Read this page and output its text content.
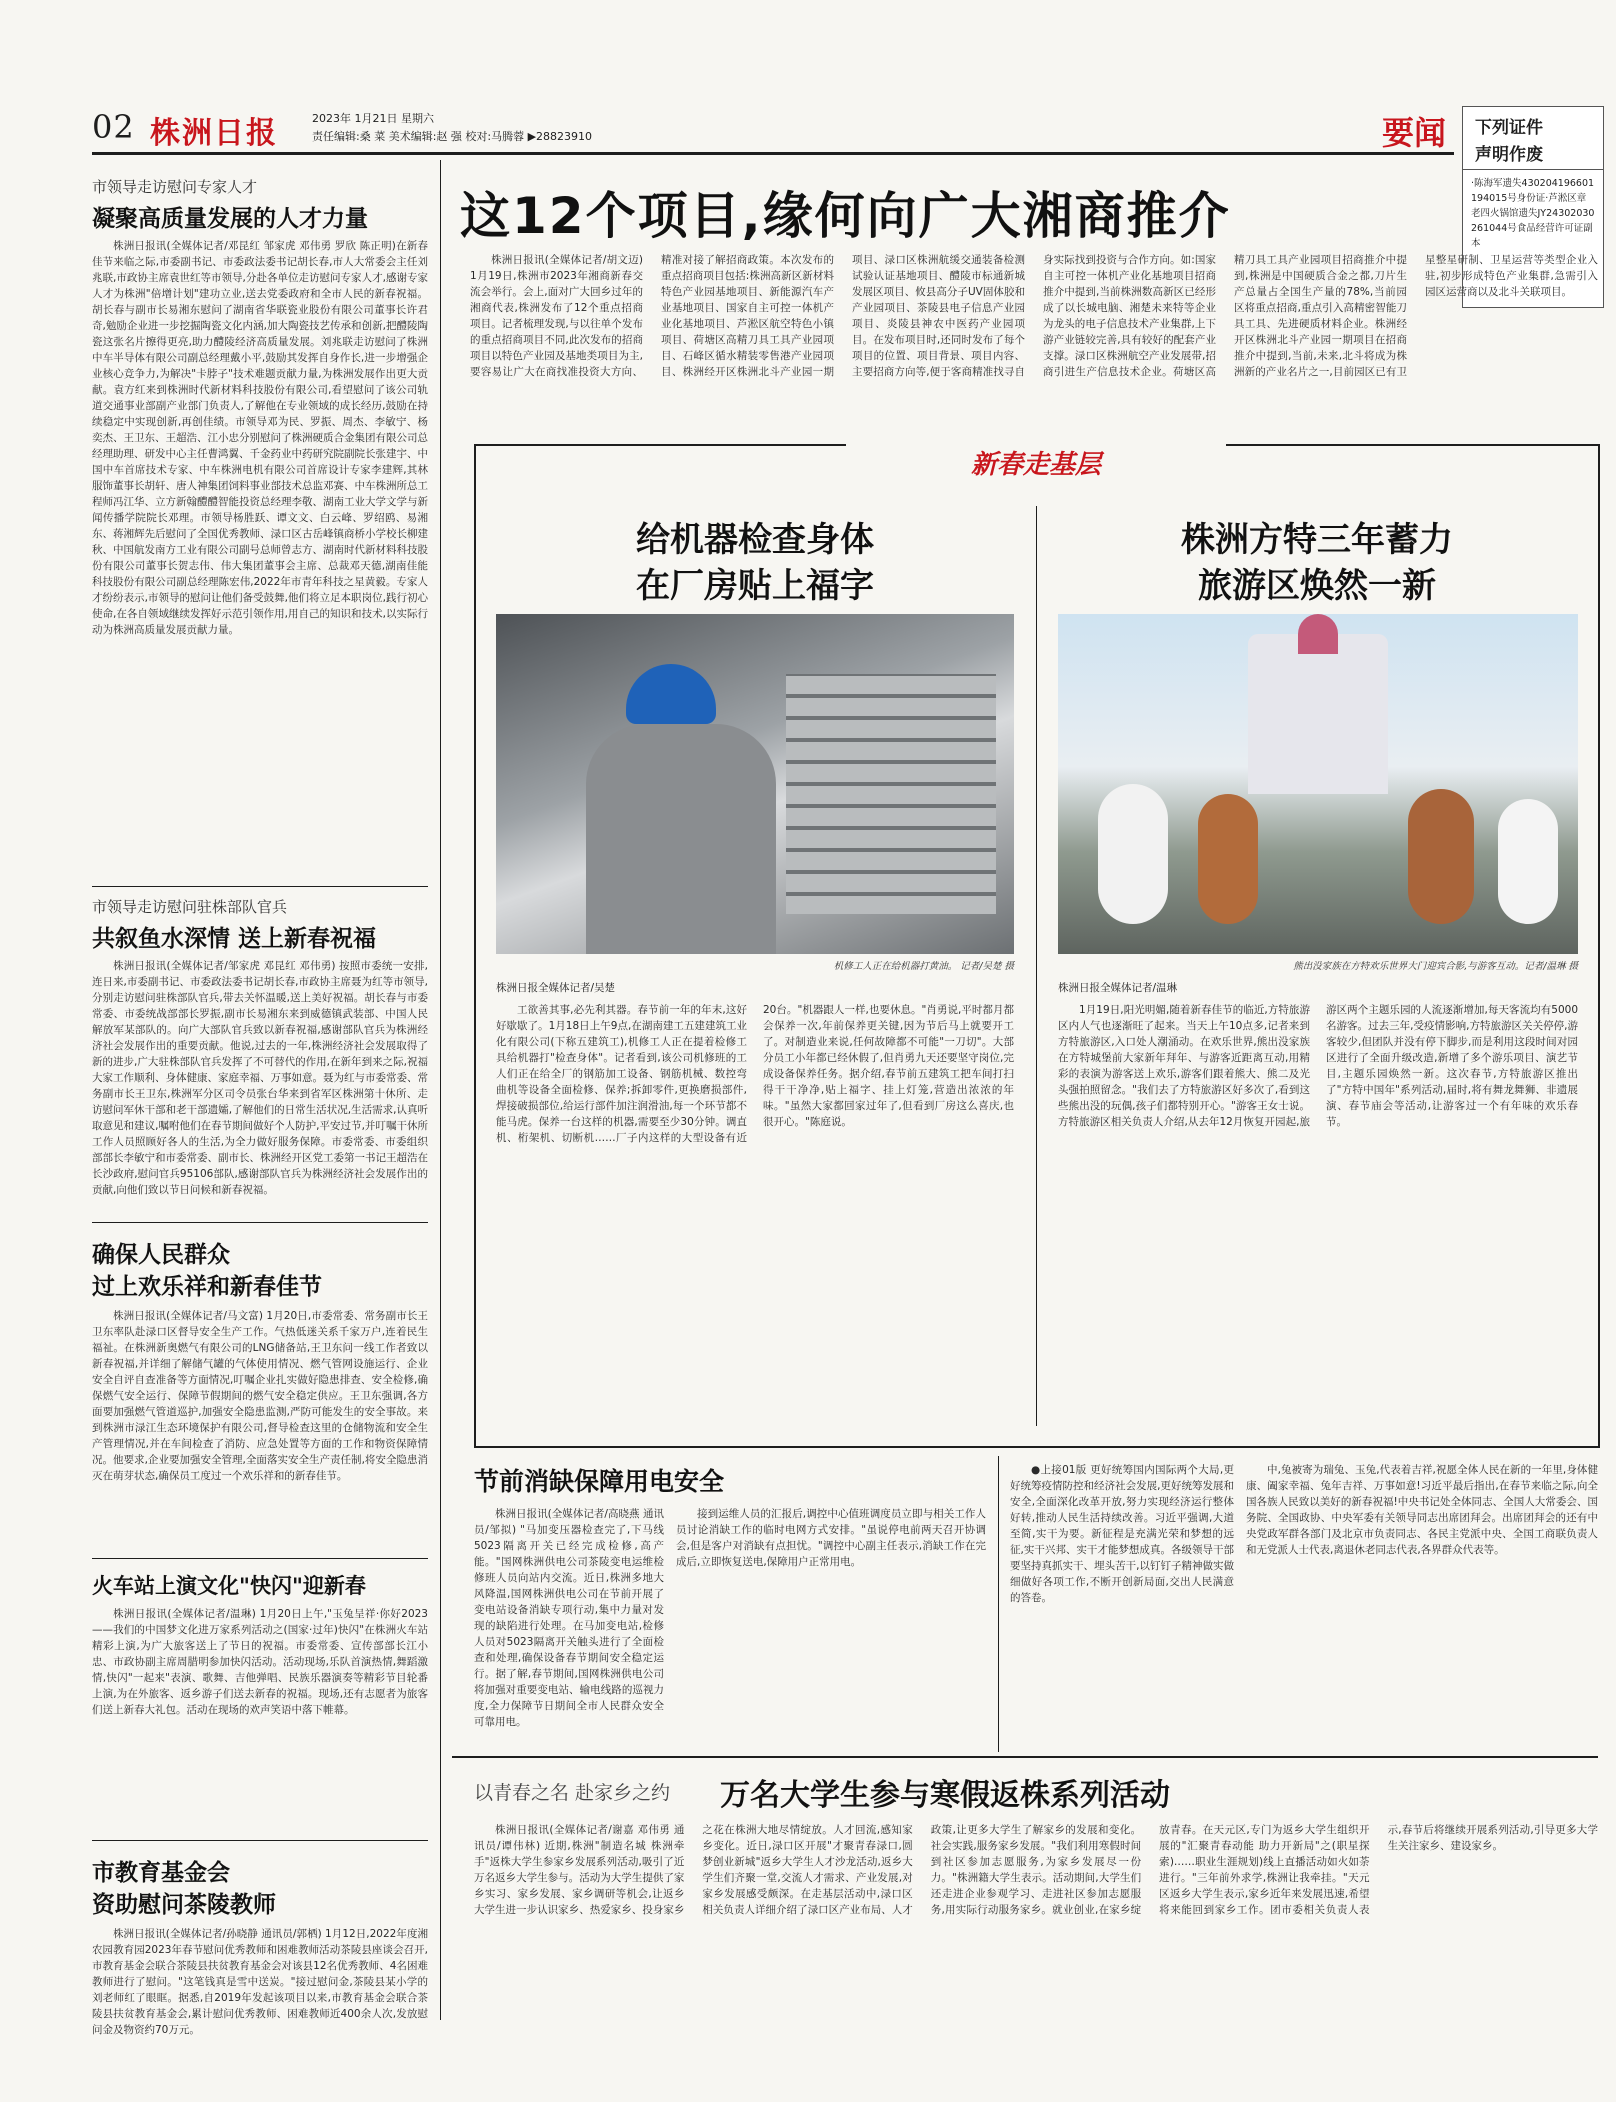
02 株洲日报	2023年 1月21日 星期六
责任编辑:桑 菜 美术编辑:赵 强 校对:马腾蓉 ▶28823910	要闻	下列证件
声明作废
·陈海军遗失430204196601194015号身份证·芦淞区章老四火锅馆遗失JY24302030261044号食品经营许可证副本
市领导走访慰问专家人才
凝聚高质量发展的人才力量
株洲日报讯(全媒体记者/邓昆红 邹家虎 邓伟勇 罗欣 陈正明)在新春佳节来临之际,市委副书记、市委政法委书记胡长春,市人大常委会主任刘兆联,市政协主席袁世红等市领导,分赴各单位走访慰问专家人才,感谢专家人才为株洲"倍增计划"建功立业,送去党委政府和全市人民的新春祝福。胡长春与副市长易湘东慰问了湖南省华联瓷业股份有限公司董事长许君奇,勉励企业进一步挖掘陶瓷文化内涵,加大陶瓷技艺传承和创新,把醴陵陶瓷这张名片擦得更亮,助力醴陵经济高质量发展。刘兆联走访慰问了株洲中车半导体有限公司副总经理戴小平,鼓励其发挥自身作长,进一步增强企业核心竞争力,为解决"卡脖子"技术难题贡献力量,为株洲发展作出更大贡献。袁方红来到株洲时代新材料科技股份有限公司,看望慰问了该公司轨道交通事业部副产业部门负责人,了解他在专业领域的成长经历,鼓励在持续稳定中实现创新,再创佳绩。市领导邓为民、罗振、周杰、李敏宁、杨奕杰、王卫东、王超浩、江小忠分别慰问了株洲硬质合金集团有限公司总经理助理、研发中心主任曹鸿翼、千金药业中药研究院副院长张建宇、中国中车首席技术专家、中车株洲电机有限公司首席设计专家李建辉,其林服饰董事长胡轩、唐人神集团饲料事业部技术总监邓赛、中车株洲所总工程师冯江华、立方新翰醴醴智能投资总经理李敬、湖南工业大学文学与新闻传播学院院长邓理。市领导杨胜跃、谭文文、白云峰、罗绍鸥、易湘东、蒋湘辉先后慰问了全国优秀教师、渌口区古岳峰镇商桥小学校长柳建秋、中国航发南方工业有限公司副号总师曾志方、湖南时代新材料科技股份有限公司董事长贺志伟、伟大集团董事会主席、总裁邓天德,湖南佳能科技股份有限公司副总经理陈宏伟,2022年市青年科技之星黄毅。专家人才纷纷表示,市领导的慰问让他们备受鼓舞,他们将立足本职岗位,践行初心使命,在各自领域继续发挥好示范引领作用,用自己的知识和技术,以实际行动为株洲高质量发展贡献力量。
市领导走访慰问驻株部队官兵
共叙鱼水深情 送上新春祝福
株洲日报讯(全媒体记者/邹家虎 邓昆红 邓伟勇) 按照市委统一安排,连日来,市委副书记、市委政法委书记胡长春,市政协主席聂为红等市领导,分别走访慰问驻株部队官兵,带去关怀温暖,送上美好祝福。胡长春与市委常委、市委统战部部长罗振,副市长易湘东来到威德镇武装部、中国人民解放军某部队的。向广大部队官兵致以新春祝福,感谢部队官兵为株洲经济社会发展作出的重要贡献。他说,过去的一年,株洲经济社会发展取得了新的进步,广大驻株部队官兵发挥了不可替代的作用,在新年到来之际,祝福大家工作顺利、身体健康、家庭幸福、万事如意。聂为红与市委常委、常务副市长王卫东,株洲军分区司令员张台华来到省军区株洲第十休所、走访慰问军休干部和老干部遗孀,了解他们的日常生活状况,生活需求,认真听取意见和建议,嘱咐他们在春节期间做好个人防护,平安过节,并叮嘱干休所工作人员照顾好各人的生活,为全力做好服务保障。市委常委、市委组织部部长李敏宁和市委常委、副市长、株洲经开区党工委第一书记王超浩在长沙政府,慰问官兵95106部队,感谢部队官兵为株洲经济社会发展作出的贡献,向他们致以节日问候和新春祝福。
确保人民群众
过上欢乐祥和新春佳节
株洲日报讯(全媒体记者/马文富) 1月20日,市委常委、常务副市长王卫东率队赴渌口区督导安全生产工作。气热低迷关系千家万户,连着民生福祉。在株洲新奥燃气有限公司的LNG储备站,王卫东问一线工作者致以新春祝福,并详细了解储气罐的气体使用情况、燃气管网设施运行、企业安全自评自查准备等方面情况,叮嘱企业扎实做好隐患排查、安全检修,确保燃气安全运行、保障节假期间的燃气安全稳定供应。王卫东强调,各方面要加强燃气管道巡护,加强安全隐患监测,严防可能发生的安全事故。来到株洲市渌江生态环境保护有限公司,督导检查这里的仓储物流和安全生产管理情况,并在车间检查了消防、应急处置等方面的工作和物资保障情况。他要求,企业要加强安全管理,全面落实安全生产责任制,将安全隐患消灭在萌芽状态,确保员工度过一个欢乐祥和的新春佳节。
火车站上演文化"快闪"迎新春
株洲日报讯(全媒体记者/温琳) 1月20日上午,"玉兔呈祥·你好2023——我们的中国梦文化进万家系列活动之(国家·过年)快闪"在株洲火车站精彩上演,为广大旅客送上了节日的祝福。市委常委、宣传部部长江小忠、市政协副主席周腊明参加快闪活动。活动现场,乐队首演热情,舞蹈激情,快闪"一起来"表演、歌舞、吉他弹唱、民族乐器演奏等精彩节目轮番上演,为在外旅客、返乡游子们送去新春的祝福。现场,还有志愿者为旅客们送上新春大礼包。活动在现场的欢声笑语中落下帷幕。
市教育基金会
资助慰问茶陵教师
株洲日报讯(全媒体记者/孙晓静 通讯员/郭栖) 1月12日,2022年度湘农园教育园2023年春节慰问优秀教师和困难教师活动茶陵县座谈会召开,市教育基金会联合茶陵县扶贫教育基金会对该县12名优秀教师、4名困难教师进行了慰问。"这笔钱真是雪中送炭。"接过慰问金,茶陵县某小学的刘老师红了眼眶。据悉,自2019年发起该项目以来,市教育基金会联合茶陵县扶贫教育基金会,累计慰问优秀教师、困难教师近400余人次,发放慰问金及物资约70万元。
这12个项目,缘何向广大湘商推介
株洲日报讯(全媒体记者/胡文迈) 1月19日,株洲市2023年湘商新春交流会举行。会上,面对广大回乡过年的湘商代表,株洲发布了12个重点招商项目。记者梳理发现,与以往单个发布的重点招商项目不同,此次发布的招商项目以特色产业园及基地类项目为主,要容易让广大在商找准投资大方向、精准对接了解招商政策。本次发布的重点招商项目包括:株洲高新区新材料特色产业园基地项目、新能源汽车产业基地项目、国家自主可控一体机产业化基地项目、芦淞区航空特色小镇项目、荷塘区高精刀具工具产业园项目、石峰区循水精装零售港产业园项目、株洲经开区株洲北斗产业园一期项目、渌口区株洲航缓交通装备检测试验认证基地项目、醴陵市标通新城发展区项目、攸县高分子UV固体胶和产业园项目、茶陵县电子信息产业园项目、炎陵县神农中医药产业园项目。在发布项目时,还同时发布了每个项目的位置、项目背景、项目内容、主要招商方向等,便于客商精准找寻自身实际找到投资与合作方向。如:国家自主可控一体机产业化基地项目招商推介中提到,当前株洲数高新区已经形成了以长城电脑、湘楚未来特等企业为龙头的电子信息技术产业集群,上下游产业链较完善,具有较好的配套产业支撑。渌口区株洲航空产业发展带,招商引进生产信息技术企业。荷塘区高精刀具工具产业园项目招商推介中提到,株洲是中国硬质合金之都,刀片生产总量占全国生产量的78%,当前园区将重点招商,重点引入高精密智能刀具工具、先进硬质材料企业。株洲经开区株洲北斗产业园一期项目在招商推介中提到,当前,未来,北斗将成为株洲新的产业名片之一,目前园区已有卫星整星研制、卫星运营等类型企业入驻,初步形成特色产业集群,急需引入园区运营商以及北斗关联项目。
新春走基层
给机器检查身体
在厂房贴上福字
机修工人正在给机器打黄油。 记者/吴楚 摄
株洲日报全媒体记者/吴楚
工欲善其事,必先利其器。春节前一年的年末,这好好歇歇了。1月18日上午9点,在湖南建工五建建筑工业化有限公司(下称五建筑工),机修工人正在提着检修工具给机器打"检查身体"。记者看到,该公司机修班的工人们正在给全厂的钢筋加工设备、钢筋机械、数控弯曲机等设备全面检修、保养;拆卸零件,更换磨损部件,焊接破损部位,给运行部件加注润滑油,每一个环节都不能马虎。保养一台这样的机器,需要至少30分钟。调直机、桁架机、切断机……厂子内这样的大型设备有近20台。"机器跟人一样,也要休息。"肖勇说,平时都月都会保养一次,年前保养更关键,因为节后马上就要开工了。对制造业来说,任何故障都不可能"一刀切"。大部分员工小年都已经休假了,但肖勇九天还要坚守岗位,完成设备保养任务。据介绍,春节前五建筑工把车间打扫得干干净净,贴上福字、挂上灯笼,营造出浓浓的年味。"虽然大家都回家过年了,但看到厂房这么喜庆,也很开心。"陈庭说。
株洲方特三年蓄力
旅游区焕然一新
熊出没家族在方特欢乐世界大门迎宾合影,与游客互动。记者/温琳 摄
株洲日报全媒体记者/温琳
1月19日,阳光明媚,随着新春佳节的临近,方特旅游区内人气也逐渐旺了起来。当天上午10点多,记者来到方特旅游区,入口处人潮涌动。在欢乐世界,熊出没家族在方特城堡前大家新年拜年、与游客近距离互动,用精彩的表演为游客送上欢乐,游客们跟着熊大、熊二及光头强拍照留念。"我们去了方特旅游区好多次了,看到这些熊出没的玩偶,孩子们都特别开心。"游客王女士说。方特旅游区相关负责人介绍,从去年12月恢复开园起,旅游区两个主题乐园的人流逐渐增加,每天客流均有5000名游客。过去三年,受疫情影响,方特旅游区关关停停,游客较少,但团队并没有停下脚步,而是利用这段时间对园区进行了全面升级改造,新增了多个游乐项目、演艺节目,主题乐园焕然一新。这次春节,方特旅游区推出了"方特中国年"系列活动,届时,将有舞龙舞狮、非遗展演、春节庙会等活动,让游客过一个有年味的欢乐春节。
节前消缺保障用电安全
株洲日报讯(全媒体记者/高晓燕 通讯员/邹拟) "马加变压器检查完了,下马线5023隔离开关已经完成检修,高产能。"国网株洲供电公司茶陵变电运维检修班人员向站内交流。近日,株洲多地大风降温,国网株洲供电公司在节前开展了变电站设备消缺专项行动,集中力量对发现的缺陷进行处理。在马加变电站,检修人员对5023隔离开关触头进行了全面检查和处理,确保设备春节期间安全稳定运行。据了解,春节期间,国网株洲供电公司将加强对重要变电站、输电线路的巡视力度,全力保障节日期间全市人民群众安全可靠用电。
接到运维人员的汇报后,调控中心值班调度员立即与相关工作人员讨论消缺工作的临时电网方式安排。"虽说停电前两天召开协调会,但是客户对消缺有点担忧。"调控中心副主任表示,消缺工作在完成后,立即恢复送电,保障用户正常用电。
●上接01版 更好统筹国内国际两个大局,更好统筹疫情防控和经济社会发展,更好统筹发展和安全,全面深化改革开放,努力实现经济运行整体好转,推动人民生活持续改善。习近平强调,大道至简,实干为要。新征程是充满光荣和梦想的远征,实干兴邦、实干才能梦想成真。各级领导干部要坚持真抓实干、埋头苦干,以钉钉子精神做实做细做好各项工作,不断开创新局面,交出人民满意的答卷。
中,兔被寄为瑞兔、玉兔,代表着吉祥,祝愿全体人民在新的一年里,身体健康、阖家幸福、兔年吉祥、万事如意!习近平最后指出,在春节来临之际,向全国各族人民致以美好的新春祝福!中央书记处全体同志、全国人大常委会、国务院、全国政协、中央军委有关领导同志出席团拜会。出席团拜会的还有中央党政军群各部门及北京市负责同志、各民主党派中央、全国工商联负责人和无党派人士代表,离退休老同志代表,各界群众代表等。
以青春之名 赴家乡之约 万名大学生参与寒假返株系列活动
株洲日报讯(全媒体记者/谢嘉 邓伟勇 通讯员/谭伟林) 近期,株洲"制造名城 株洲牵手"返株大学生参家乡发展系列活动,吸引了近万名返乡大学生参与。活动为大学生提供了家乡实习、家乡发展、家乡调研等机会,让返乡大学生进一步认识家乡、热爱家乡、投身家乡之花在株洲大地尽情绽放。人才回流,感知家乡变化。近日,渌口区开展"才聚青春渌口,圆梦创业新城"返乡大学生人才沙龙活动,返乡大学生们齐聚一堂,交流人才需求、产业发展,对家乡发展感受颇深。在走基层活动中,渌口区相关负责人详细介绍了渌口区产业布局、人才政策,让更多大学生了解家乡的发展和变化。社会实践,服务家乡发展。"我们利用寒假时间到社区参加志愿服务,为家乡发展尽一份力。"株洲籍大学生表示。活动期间,大学生们还走进企业参观学习、走进社区参加志愿服务,用实际行动服务家乡。就业创业,在家乡绽放青春。在天元区,专门为返乡大学生组织开展的"汇聚青春动能 助力开新局"之(职星探索)……职业生涯规划)线上直播活动如火如荼进行。"三年前外求学,株洲让我牵挂。"天元区返乡大学生表示,家乡近年来发展迅速,希望将来能回到家乡工作。团市委相关负责人表示,春节后将继续开展系列活动,引导更多大学生关注家乡、建设家乡。
